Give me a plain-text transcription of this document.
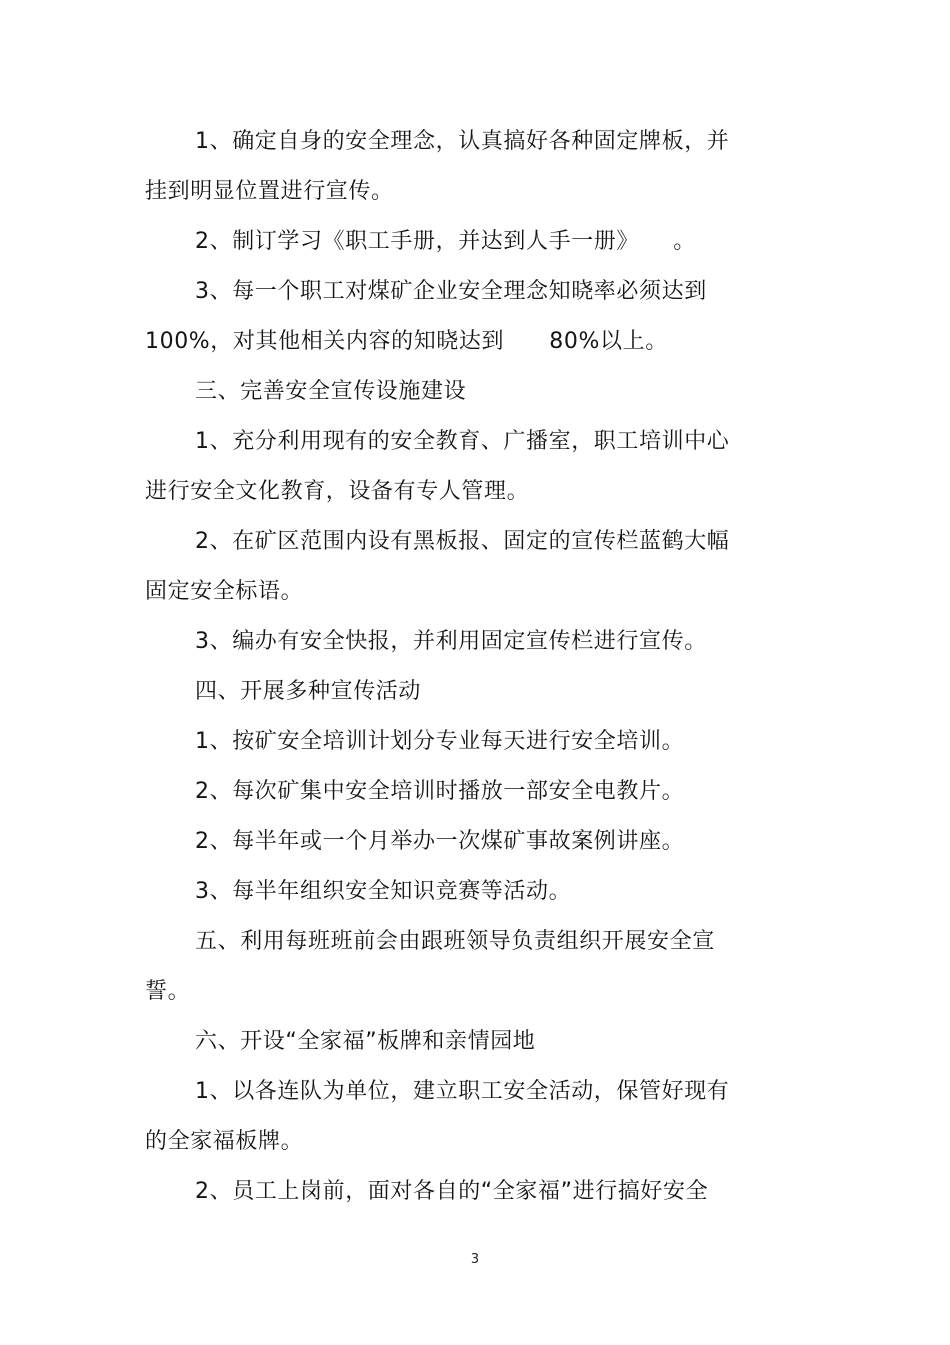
1、确定自身的安全理念，认真搞好各种固定牌板，并
挂到明显位置进行宣传。
2、制订学习《职工手册，并达到人手一册》　　。
3、每一个职工对煤矿企业安全理念知晓率必须达到
100%，对其他相关内容的知晓达到　　80%以上。
三、完善安全宣传设施建设
1、充分利用现有的安全教育、广播室，职工培训中心
进行安全文化教育，设备有专人管理。
2、在矿区范围内设有黑板报、固定的宣传栏蓝鹤大幅
固定安全标语。
3、编办有安全快报，并利用固定宣传栏进行宣传。
四、开展多种宣传活动
1、按矿安全培训计划分专业每天进行安全培训。
2、每次矿集中安全培训时播放一部安全电教片。
2、每半年或一个月举办一次煤矿事故案例讲座。
3、每半年组织安全知识竞赛等活动。
五、利用每班班前会由跟班领导负责组织开展安全宣
誓。
六、开设“全家福”板牌和亲情园地
1、以各连队为单位，建立职工安全活动，保管好现有
的全家福板牌。
2、员工上岗前，面对各自的“全家福”进行搞好安全
3
